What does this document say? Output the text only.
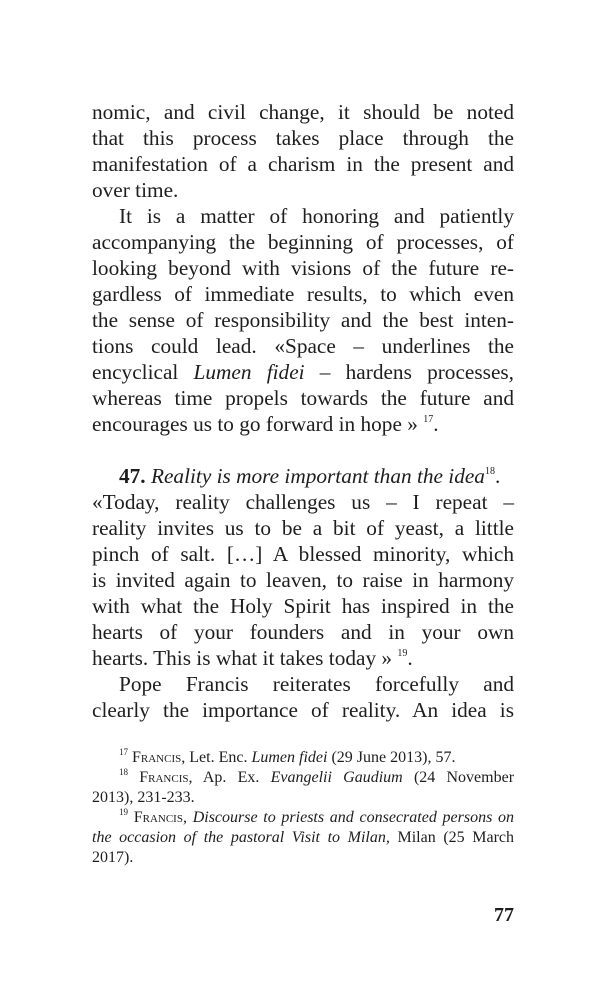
nomic, and civil change, it should be noted

that this process takes place through the

manifestation of a charism in the present and

over time.

It is a matter of honoring and patiently

accompanying the beginning of processes, of

looking beyond with visions of the future re-

gardless of immediate results, to which even

the sense of responsibility and the best inten-

tions could lead. «Space – underlines the

encyclical Lumen fidei – hardens processes,

whereas time propels towards the future and

encourages us to go forward in hope » $^{17}$.

47. Reality is more important than the idea$^{18}$.

«Today, reality challenges us – I repeat –

reality invites us to be a bit of yeast, a little

pinch of salt. […] A blessed minority, which

is invited again to leaven, to raise in harmony

with what the Holy Spirit has inspired in the

hearts of your founders and in your own

hearts. This is what it takes today » $^{19}$.

Pope Francis reiterates forcefully and

clearly the importance of reality. An idea is

$^{17}$ Francis, Let. Enc. Lumen fidei (29 June 2013), 57.

$^{18}$ Francis, Ap. Ex. Evangelii Gaudium (24 November

2013), 231-233.

$^{19}$ Francis, Discourse to priests and consecrated persons on

the occasion of the pastoral Visit to Milan, Milan (25 March

2017).

77
